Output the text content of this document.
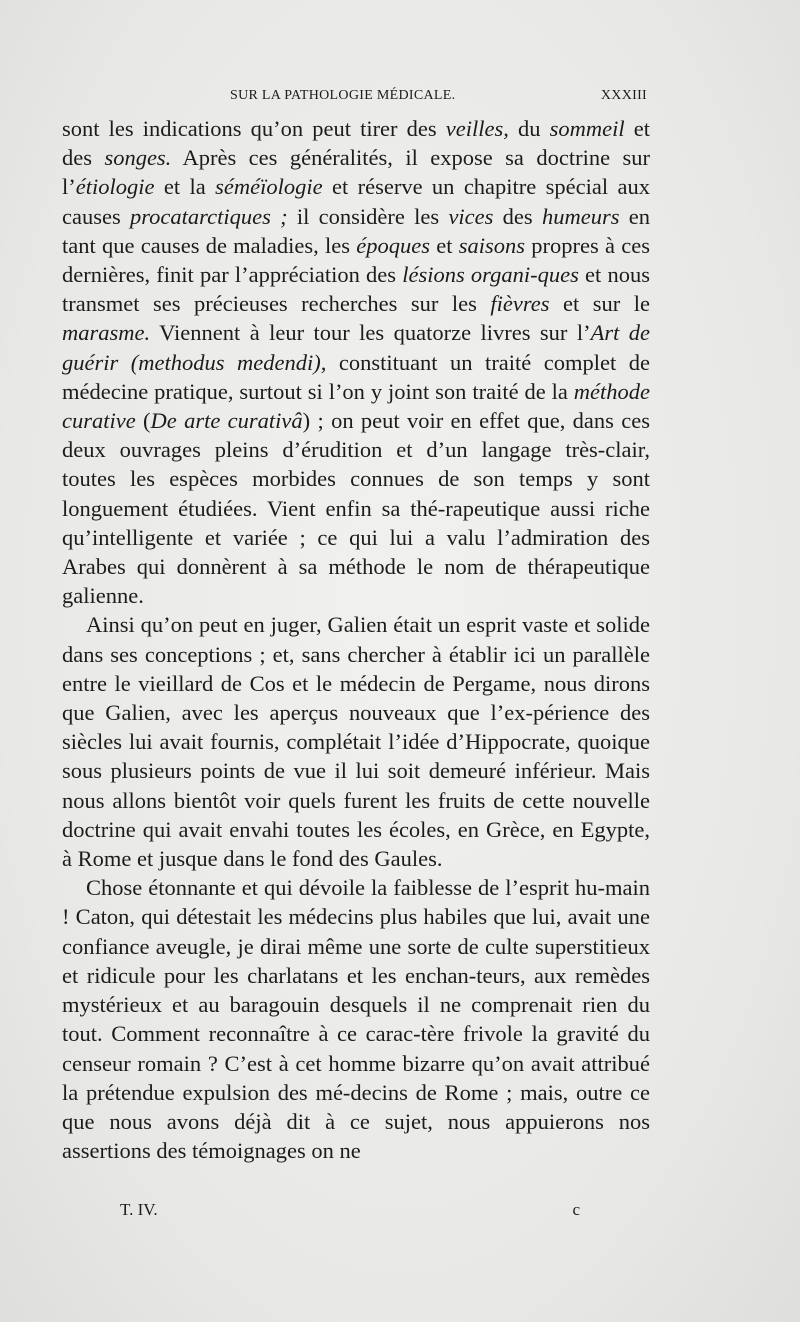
SUR LA PATHOLOGIE MÉDICALE.	XXXIII

sont les indications qu’on peut tirer des veilles, du sommeil et des songes. Après ces généralités, il expose sa doctrine sur l’étiologie et la séméïologie et réserve un chapitre spécial aux causes procatarctiques ; il considère les vices des humeurs en tant que causes de maladies, les époques et saisons propres à ces dernières, finit par l’appréciation des lésions organi-ques et nous transmet ses précieuses recherches sur les fièvres et sur le marasme. Viennent à leur tour les quatorze livres sur l’Art de guérir (methodus medendi), constituant un traité complet de médecine pratique, surtout si l’on y joint son traité de la méthode curative (De arte curativâ) ; on peut voir en effet que, dans ces deux ouvrages pleins d’érudition et d’un langage très-clair, toutes les espèces morbides connues de son temps y sont longuement étudiées. Vient enfin sa thé-rapeutique aussi riche qu’intelligente et variée ; ce qui lui a valu l’admiration des Arabes qui donnèrent à sa méthode le nom de thérapeutique galienne.

Ainsi qu’on peut en juger, Galien était un esprit vaste et solide dans ses conceptions ; et, sans chercher à établir ici un parallèle entre le vieillard de Cos et le médecin de Pergame, nous dirons que Galien, avec les aperçus nouveaux que l’ex-périence des siècles lui avait fournis, complétait l’idée d’Hippocrate, quoique sous plusieurs points de vue il lui soit demeuré inférieur. Mais nous allons bientôt voir quels furent les fruits de cette nouvelle doctrine qui avait envahi toutes les écoles, en Grèce, en Egypte, à Rome et jusque dans le fond des Gaules.

Chose étonnante et qui dévoile la faiblesse de l’esprit hu-main ! Caton, qui détestait les médecins plus habiles que lui, avait une confiance aveugle, je dirai même une sorte de culte superstitieux et ridicule pour les charlatans et les enchan-teurs, aux remèdes mystérieux et au baragouin desquels il ne comprenait rien du tout. Comment reconnaître à ce carac-tère frivole la gravité du censeur romain ? C’est à cet homme bizarre qu’on avait attribué la prétendue expulsion des mé-decins de Rome ; mais, outre ce que nous avons déjà dit à ce sujet, nous appuierons nos assertions des témoignages on ne

T. IV.	c
